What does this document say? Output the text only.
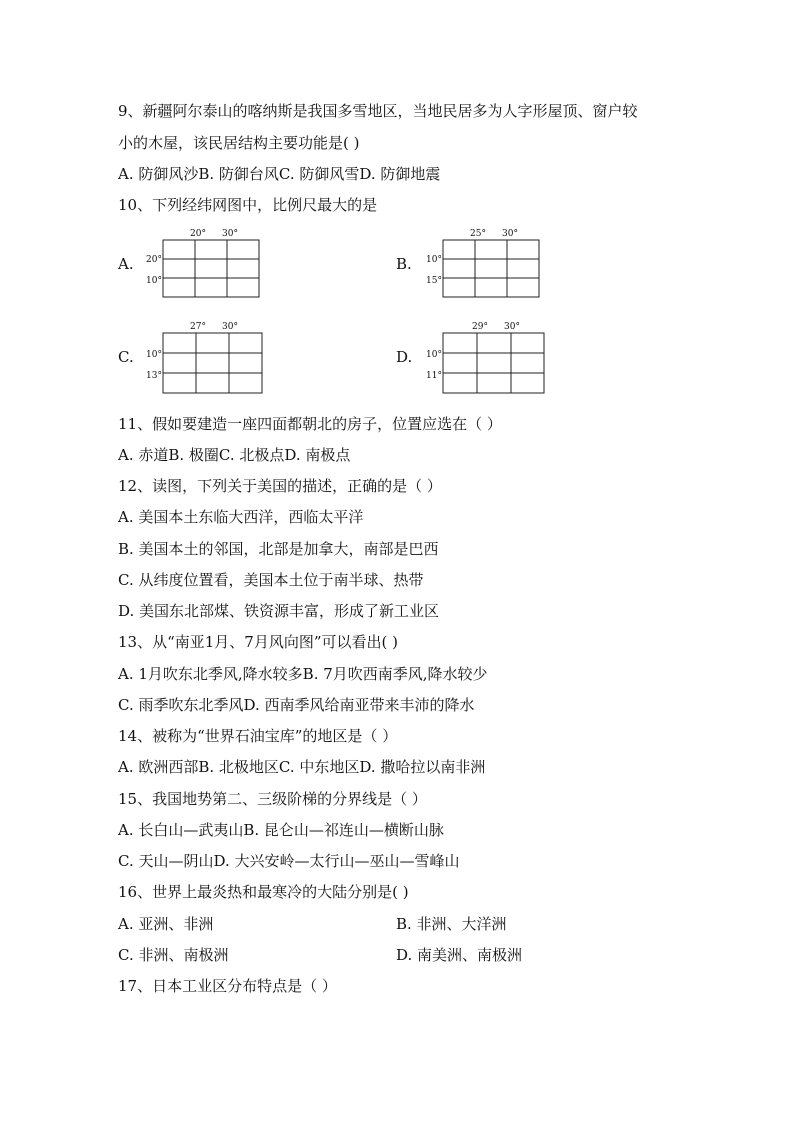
9、新疆阿尔泰山的喀纳斯是我国多雪地区，当地民居多为人字形屋顶、窗户较
小的木屋，该民居结构主要功能是( )
A. 防御风沙B. 防御台风C. 防御风雪D. 防御地震
10、下列经纬网图中，比例尺最大的是
A.
20° 30°
20°
10°
B.
25° 30°
10°
15°
C.
27° 30°
10°
13°
D.
29° 30°
10°
11°
11、假如要建造一座四面都朝北的房子，位置应选在（ ）
A. 赤道B. 极圈C. 北极点D. 南极点
12、读图，下列关于美国的描述，正确的是（ ）
A. 美国本土东临大西洋，西临太平洋
B. 美国本土的邻国，北部是加拿大，南部是巴西
C. 从纬度位置看，美国本土位于南半球、热带
D. 美国东北部煤、铁资源丰富，形成了新工业区
13、从“南亚1月、7月风向图”可以看出( )
A. 1月吹东北季风,降水较多B. 7月吹西南季风,降水较少
C. 雨季吹东北季风D. 西南季风给南亚带来丰沛的降水
14、被称为“世界石油宝库”的地区是（ ）
A. 欧洲西部B. 北极地区C. 中东地区D. 撒哈拉以南非洲
15、我国地势第二、三级阶梯的分界线是（ ）
A. 长白山—武夷山B. 昆仑山—祁连山—横断山脉
C. 天山—阴山D. 大兴安岭—太行山—巫山—雪峰山
16、世界上最炎热和最寒冷的大陆分别是( )
A. 亚洲、非洲	B. 非洲、大洋洲
C. 非洲、南极洲	D. 南美洲、南极洲
17、日本工业区分布特点是（ ）
